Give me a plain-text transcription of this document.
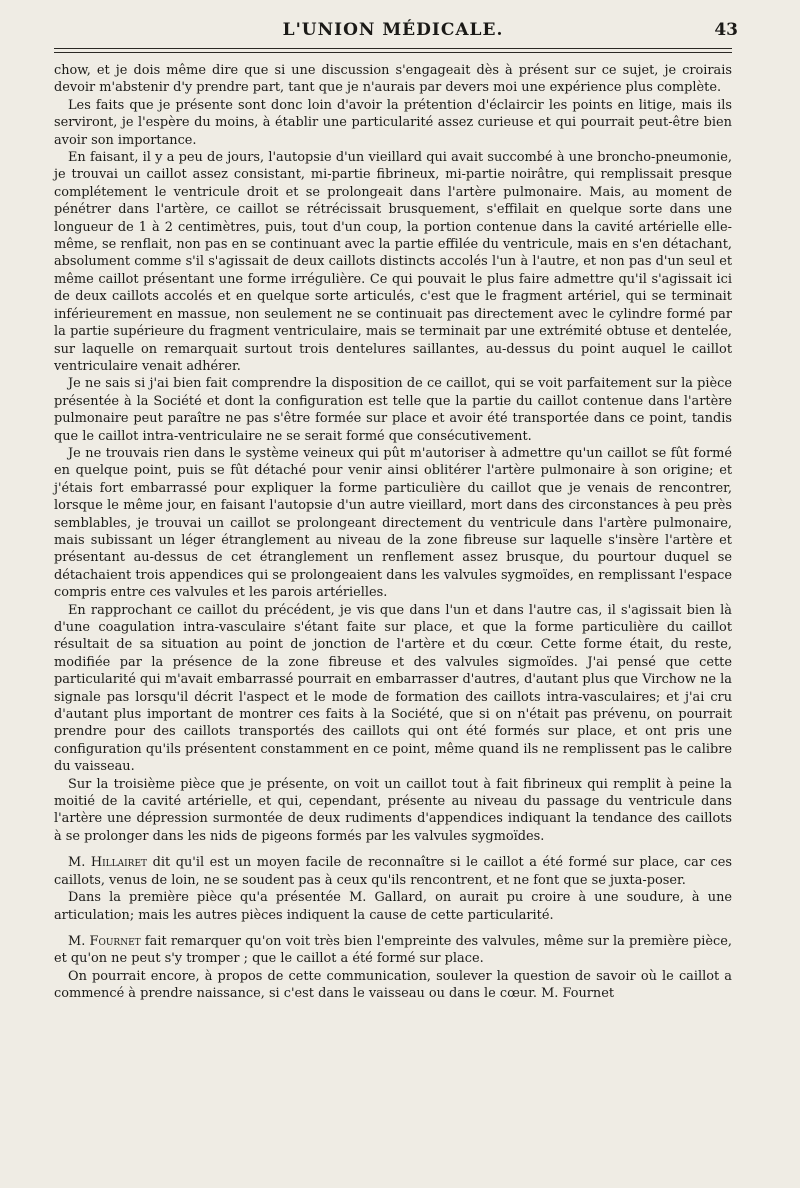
L'UNION MÉDICALE.	43

chow, et je dois même dire que si une discussion s'engageait dès à présent sur ce sujet, je croirais devoir m'abstenir d'y prendre part, tant que je n'aurais par devers moi une expérience plus complète.

Les faits que je présente sont donc loin d'avoir la prétention d'éclaircir les points en litige, mais ils serviront, je l'espère du moins, à établir une particularité assez curieuse et qui pourrait peut-être bien avoir son importance.

En faisant, il y a peu de jours, l'autopsie d'un vieillard qui avait succombé à une broncho-pneumonie, je trouvai un caillot assez consistant, mi-partie fibrineux, mi-partie noirâtre, qui remplissait presque complétement le ventricule droit et se prolongeait dans l'artère pulmonaire. Mais, au moment de pénétrer dans l'artère, ce caillot se rétrécissait brusquement, s'effilait en quelque sorte dans une longueur de 1 à 2 centimètres, puis, tout d'un coup, la portion contenue dans la cavité artérielle elle-même, se renflait, non pas en se continuant avec la partie effilée du ventricule, mais en s'en détachant, absolument comme s'il s'agissait de deux caillots distincts accolés l'un à l'autre, et non pas d'un seul et même caillot présentant une forme irrégulière. Ce qui pouvait le plus faire admettre qu'il s'agissait ici de deux caillots accolés et en quelque sorte articulés, c'est que le fragment artériel, qui se terminait inférieurement en massue, non seulement ne se continuait pas directement avec le cylindre formé par la partie supérieure du fragment ventriculaire, mais se terminait par une extrémité obtuse et dentelée, sur laquelle on remarquait surtout trois dentelures saillantes, au-dessus du point auquel le caillot ventriculaire venait adhérer.

Je ne sais si j'ai bien fait comprendre la disposition de ce caillot, qui se voit parfaitement sur la pièce présentée à la Société et dont la configuration est telle que la partie du caillot contenue dans l'artère pulmonaire peut paraître ne pas s'être formée sur place et avoir été transportée dans ce point, tandis que le caillot intra-ventriculaire ne se serait formé que consécutivement.

Je ne trouvais rien dans le système veineux qui pût m'autoriser à admettre qu'un caillot se fût formé en quelque point, puis se fût détaché pour venir ainsi oblitérer l'artère pulmonaire à son origine; et j'étais fort embarrassé pour expliquer la forme particulière du caillot que je venais de rencontrer, lorsque le même jour, en faisant l'autopsie d'un autre vieillard, mort dans des circonstances à peu près semblables, je trouvai un caillot se prolongeant directement du ventricule dans l'artère pulmonaire, mais subissant un léger étranglement au niveau de la zone fibreuse sur laquelle s'insère l'artère et présentant au-dessus de cet étranglement un renflement assez brusque, du pourtour duquel se détachaient trois appendices qui se prolongeaient dans les valvules sygmoïdes, en remplissant l'espace compris entre ces valvules et les parois artérielles.

En rapprochant ce caillot du précédent, je vis que dans l'un et dans l'autre cas, il s'agissait bien là d'une coagulation intra-vasculaire s'étant faite sur place, et que la forme particulière du caillot résultait de sa situation au point de jonction de l'artère et du cœur. Cette forme était, du reste, modifiée par la présence de la zone fibreuse et des valvules sigmoïdes. J'ai pensé que cette particularité qui m'avait embarrassé pourrait en embarrasser d'autres, d'autant plus que Virchow ne la signale pas lorsqu'il décrit l'aspect et le mode de formation des caillots intra-vasculaires; et j'ai cru d'autant plus important de montrer ces faits à la Société, que si on n'était pas prévenu, on pourrait prendre pour des caillots transportés des caillots qui ont été formés sur place, et ont pris une configuration qu'ils présentent constamment en ce point, même quand ils ne remplissent pas le calibre du vaisseau.

Sur la troisième pièce que je présente, on voit un caillot tout à fait fibrineux qui remplit à peine la moitié de la cavité artérielle, et qui, cependant, présente au niveau du passage du ventricule dans l'artère une dépression surmontée de deux rudiments d'appendices indiquant la tendance des caillots à se prolonger dans les nids de pigeons formés par les valvules sygmoïdes.

M. Hillairet dit qu'il est un moyen facile de reconnaître si le caillot a été formé sur place, car ces caillots, venus de loin, ne se soudent pas à ceux qu'ils rencontrent, et ne font que se juxta-poser.

Dans la première pièce qu'a présentée M. Gallard, on aurait pu croire à une soudure, à une articulation; mais les autres pièces indiquent la cause de cette particularité.

M. Fournet fait remarquer qu'on voit très bien l'empreinte des valvules, même sur la première pièce, et qu'on ne peut s'y tromper ; que le caillot a été formé sur place.

On pourrait encore, à propos de cette communication, soulever la question de savoir où le caillot a commencé à prendre naissance, si c'est dans le vaisseau ou dans le cœur. M. Fournet
